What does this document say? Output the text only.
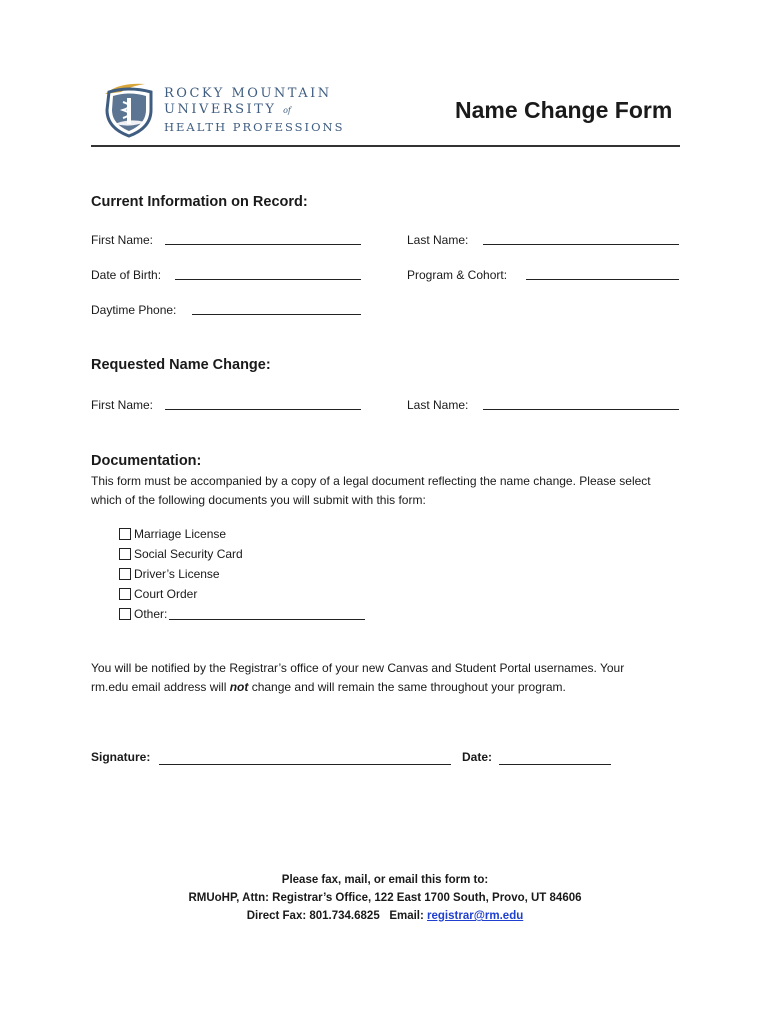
ROCKY MOUNTAIN
UNIVERSITY of
HEALTH PROFESSIONS
Name Change Form
Current Information on Record:
First Name:	Last Name:
Date of Birth:	Program & Cohort:
Daytime Phone:
Requested Name Change:
First Name:	Last Name:
Documentation:
This form must be accompanied by a copy of a legal document reflecting the name change. Please select
which of the following documents you will submit with this form:
Marriage License
Social Security Card
Driver’s License
Court Order
Other:
You will be notified by the Registrar’s office of your new Canvas and Student Portal usernames. Your
rm.edu email address will not change and will remain the same throughout your program.
Signature:	Date:
Please fax, mail, or email this form to:
RMUoHP, Attn: Registrar’s Office, 122 East 1700 South, Provo, UT 84606
Direct Fax: 801.734.6825 Email: registrar@rm.edu
